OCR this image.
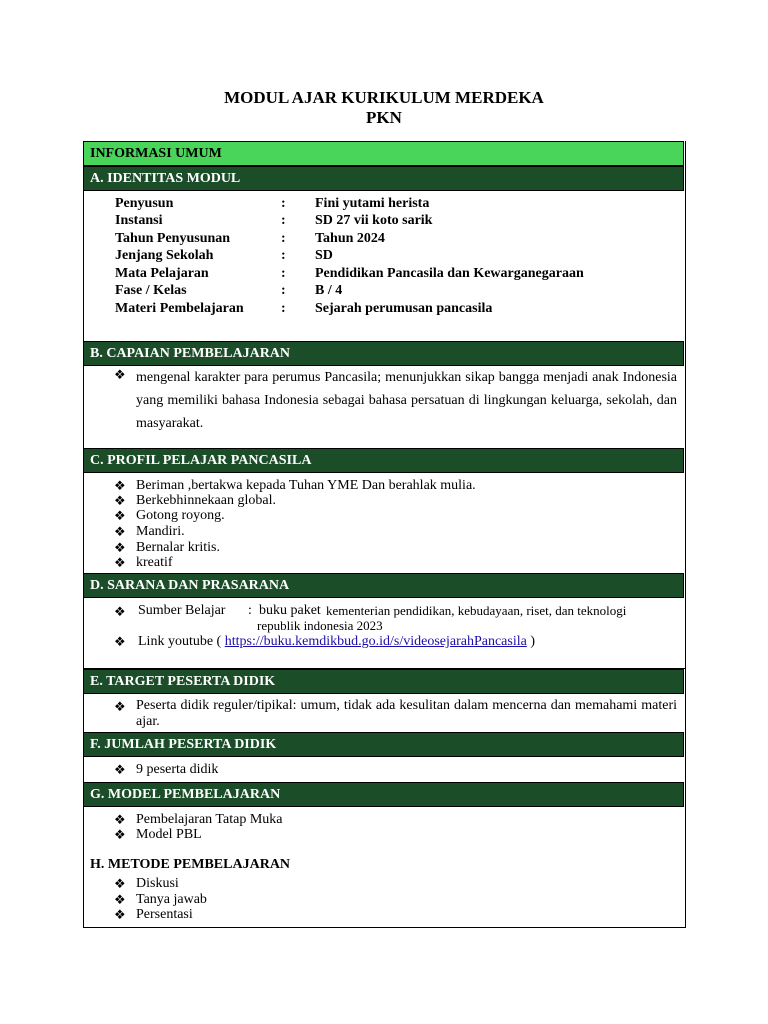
MODUL AJAR KURIKULUM MERDEKA
PKN
INFORMASI UMUM
A. IDENTITAS MODUL
Penyusun	: Fini yutami herista
Instansi	: SD 27 vii koto sarik
Tahun Penyusunan	: Tahun 2024
Jenjang Sekolah	: SD
Mata Pelajaran	: Pendidikan Pancasila dan Kewarganegaraan
Fase / Kelas	: B / 4
Materi Pembelajaran	: Sejarah perumusan pancasila
B. CAPAIAN PEMBELAJARAN
❖ mengenal karakter para perumus Pancasila; menunjukkan sikap bangga menjadi anak Indonesia yang memiliki bahasa Indonesia sebagai bahasa persatuan di lingkungan keluarga, sekolah, dan masyarakat.
C. PROFIL PELAJAR PANCASILA
❖ Beriman ,bertakwa kepada Tuhan YME Dan berahlak mulia.
❖ Berkebhinnekaan global.
❖ Gotong royong.
❖ Mandiri.
❖ Bernalar kritis.
❖ kreatif
D. SARANA DAN PRASARANA
❖ Sumber Belajar : buku paket kementerian pendidikan, kebudayaan, riset, dan teknologi
republik indonesia 2023
❖ Link youtube ( https://buku.kemdikbud.go.id/s/videosejarahPancasila )
E. TARGET PESERTA DIDIK
❖ Peserta didik reguler/tipikal: umum, tidak ada kesulitan dalam mencerna dan memahami materi ajar.
F. JUMLAH PESERTA DIDIK
❖ 9 peserta didik
G. MODEL PEMBELAJARAN
❖ Pembelajaran Tatap Muka
❖ Model PBL
H. METODE PEMBELAJARAN
❖ Diskusi
❖ Tanya jawab
❖ Persentasi
